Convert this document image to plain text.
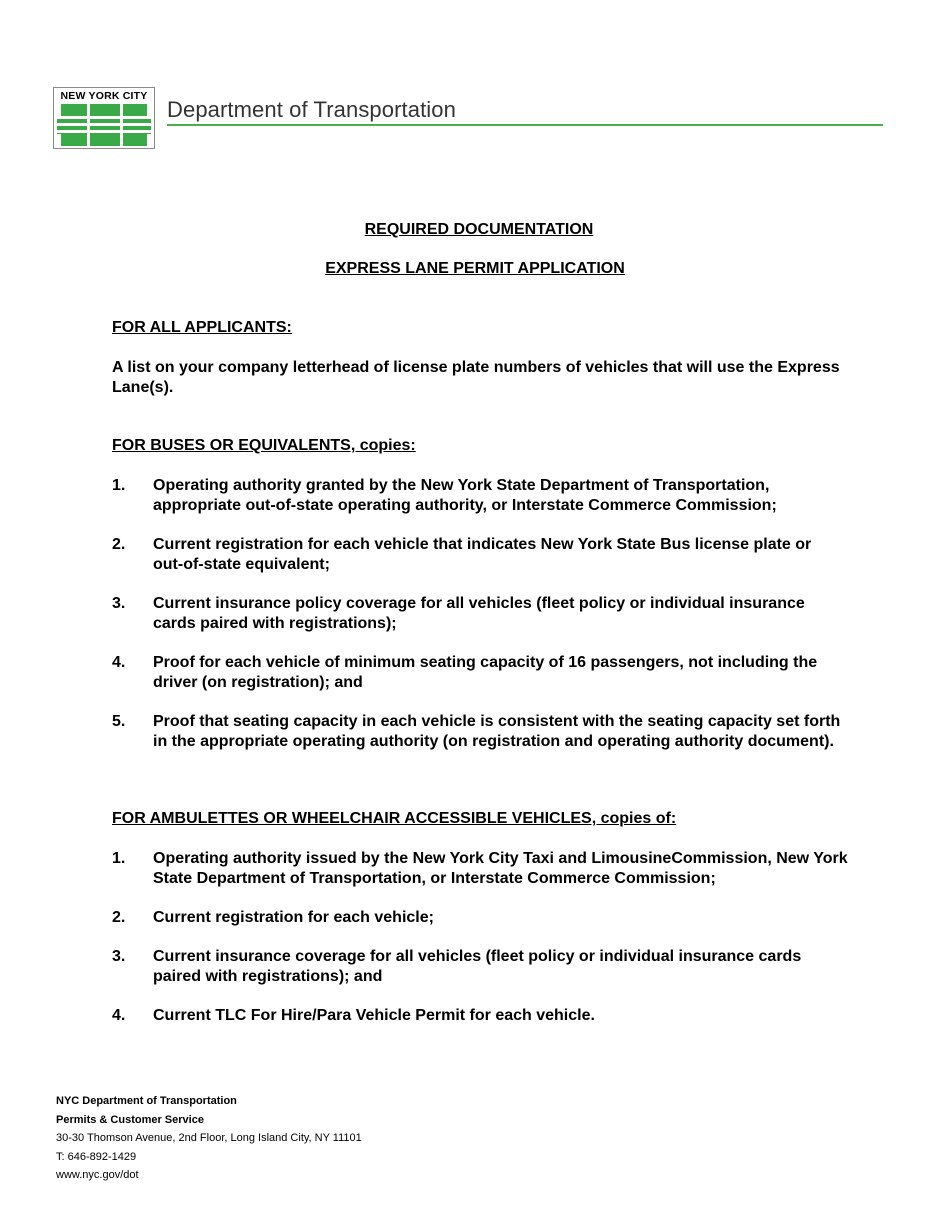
NEW YORK CITY
Department of Transportation
REQUIRED DOCUMENTATION
EXPRESS LANE PERMIT APPLICATION
FOR ALL APPLICANTS:
A list on your company letterhead of license plate numbers of vehicles that will use the Express Lane(s).
FOR BUSES OR EQUIVALENTS, copies:
1. Operating authority granted by the New York State Department of Transportation, appropriate out-of-state operating authority, or Interstate Commerce Commission;
2. Current registration for each vehicle that indicates New York State Bus license plate or out-of-state equivalent;
3. Current insurance policy coverage for all vehicles (fleet policy or individual insurance cards paired with registrations);
4. Proof for each vehicle of minimum seating capacity of 16 passengers, not including the driver (on registration); and
5. Proof that seating capacity in each vehicle is consistent with the seating capacity set forth in the appropriate operating authority (on registration and operating authority document).
FOR AMBULETTES OR WHEELCHAIR ACCESSIBLE VEHICLES, copies of:
1. Operating authority issued by the New York City Taxi and LimousineCommission, New York State Department of Transportation, or Interstate Commerce Commission;
2. Current registration for each vehicle;
3. Current insurance coverage for all vehicles (fleet policy or individual insurance cards paired with registrations); and
4. Current TLC For Hire/Para Vehicle Permit for each vehicle.
NYC Department of Transportation
Permits & Customer Service
30-30 Thomson Avenue, 2nd Floor, Long Island City, NY 11101
T: 646-892-1429
www.nyc.gov/dot
